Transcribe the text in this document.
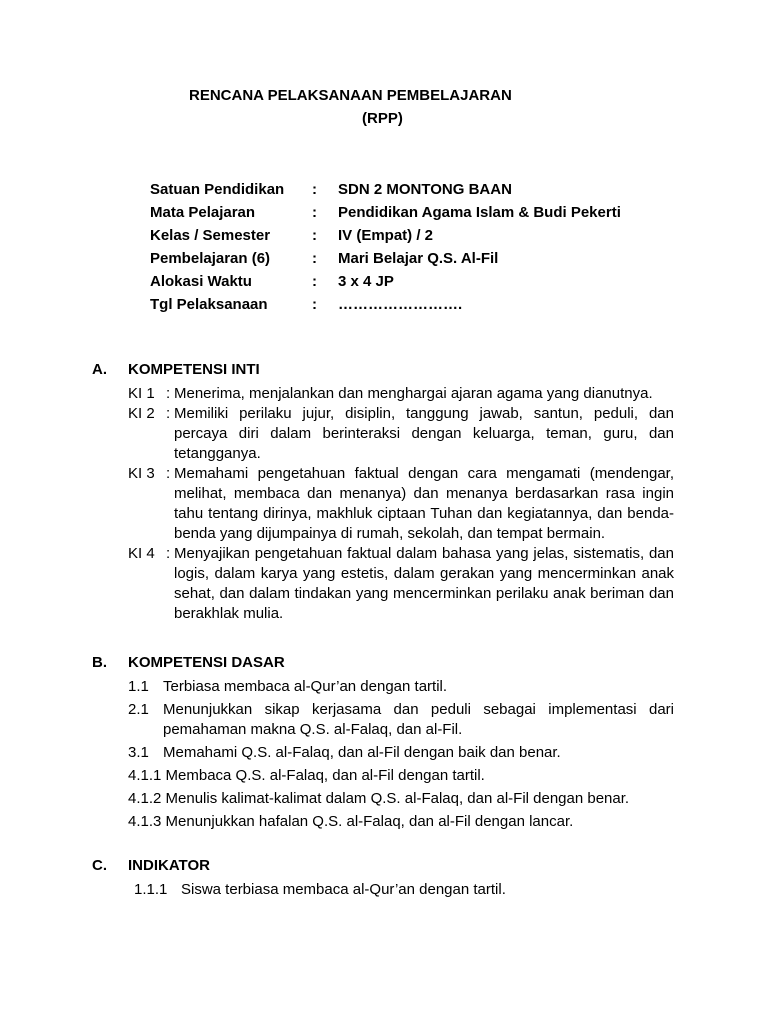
RENCANA PELAKSANAAN PEMBELAJARAN
(RPP)
Satuan Pendidikan : SDN 2 MONTONG BAAN
Mata Pelajaran	: Pendidikan Agama Islam & Budi Pekerti
Kelas / Semester	: IV (Empat) / 2
Pembelajaran (6)	: Mari Belajar Q.S. Al-Fil
Alokasi Waktu	: 3 x 4 JP
Tgl Pelaksanaan	: …………………….
A. KOMPETENSI INTI
KI 1 : Menerima, menjalankan dan menghargai ajaran agama yang dianutnya.
KI 2 : Memiliki perilaku jujur, disiplin, tanggung jawab, santun, peduli, dan percaya diri dalam berinteraksi dengan keluarga, teman, guru, dan tetangganya.
KI 3 : Memahami pengetahuan faktual dengan cara mengamati (mendengar, melihat, membaca dan menanya) dan menanya berdasarkan rasa ingin tahu tentang dirinya, makhluk ciptaan Tuhan dan kegiatannya, dan benda-benda yang dijumpainya di rumah, sekolah, dan tempat bermain.
KI 4 : Menyajikan pengetahuan faktual dalam bahasa yang jelas, sistematis, dan logis, dalam karya yang estetis, dalam gerakan yang mencerminkan anak sehat, dan dalam tindakan yang mencerminkan perilaku anak beriman dan berakhlak mulia.
B. KOMPETENSI DASAR
1.1 Terbiasa membaca al-Qur’an dengan tartil.
2.1 Menunjukkan sikap kerjasama dan peduli sebagai implementasi dari pemahaman makna Q.S. al-Falaq, dan al-Fil.
3.1 Memahami Q.S. al-Falaq, dan al-Fil dengan baik dan benar.
4.1.1 Membaca Q.S. al-Falaq, dan al-Fil dengan tartil.
4.1.2 Menulis kalimat-kalimat dalam Q.S. al-Falaq, dan al-Fil dengan benar.
4.1.3 Menunjukkan hafalan Q.S. al-Falaq, dan al-Fil dengan lancar.
C. INDIKATOR
1.1.1 Siswa terbiasa membaca al-Qur’an dengan tartil.
